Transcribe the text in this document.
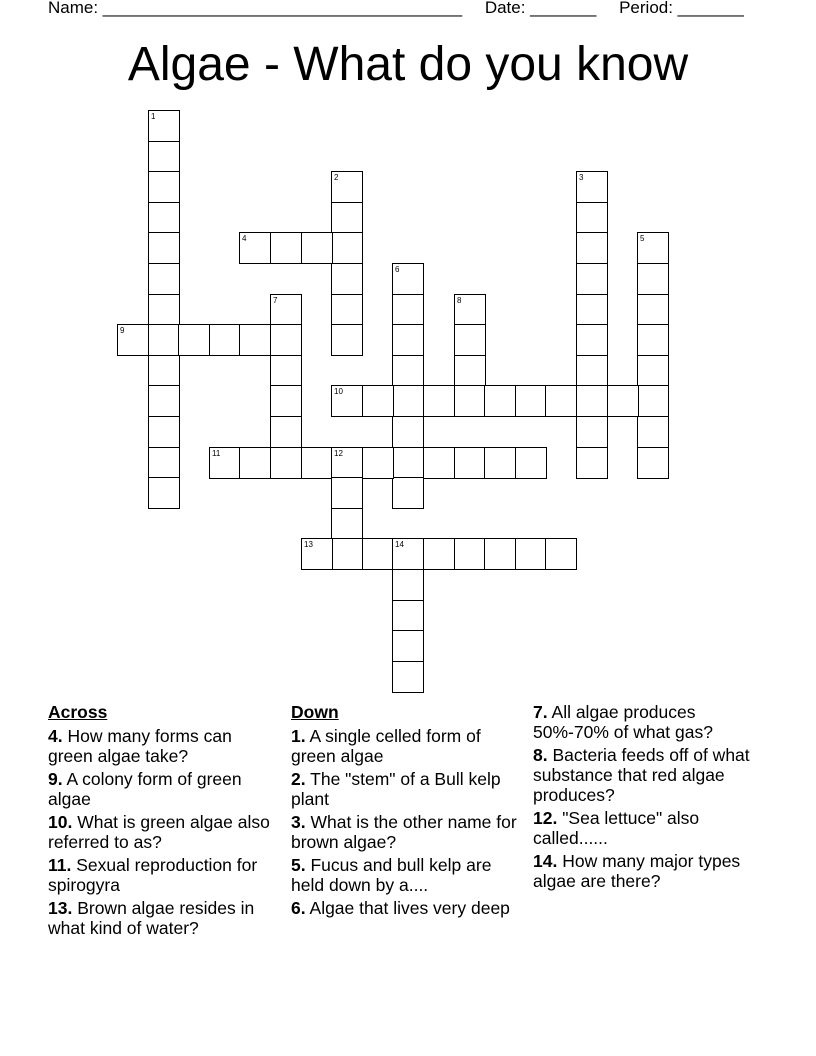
Name: ______________________________________ Date: _______ Period: _______
Algae - What do you know
1
2	3
4	5
6
7	8
9
10
11	12
13	14
Across
4. How many forms can green algae take?
9. A colony form of green algae
10. What is green algae also referred to as?
11. Sexual reproduction for spirogyra
13. Brown algae resides in what kind of water?
Down
1. A single celled form of green algae
2. The "stem" of a Bull kelp plant
3. What is the other name for brown algae?
5. Fucus and bull kelp are held down by a....
6. Algae that lives very deep
7. All algae produces 50%-70% of what gas?
8. Bacteria feeds off of what substance that red algae produces?
12. "Sea lettuce" also called......
14. How many major types algae are there?
